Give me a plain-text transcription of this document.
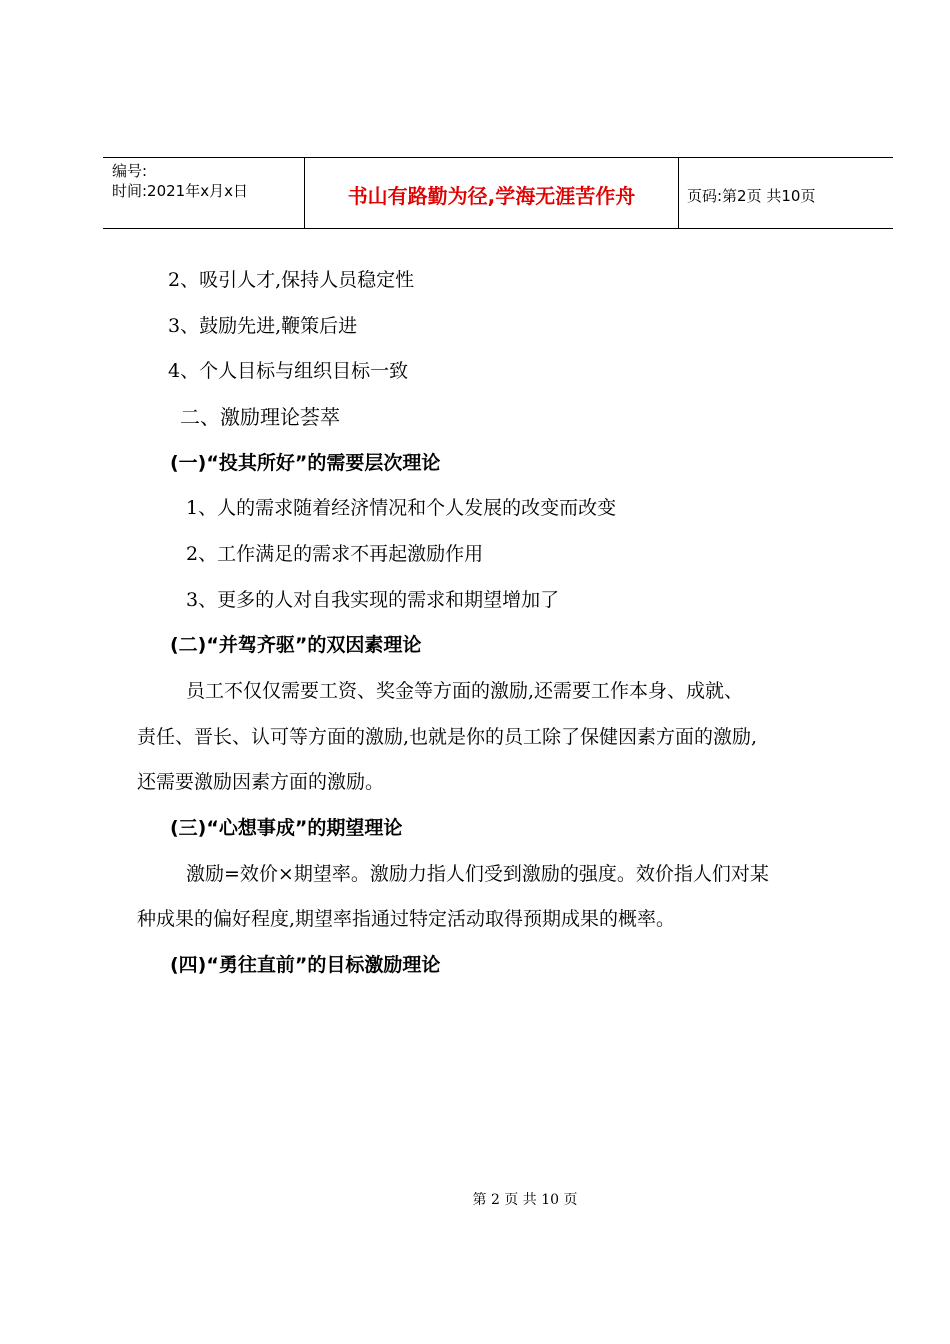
编号:
时间:2021年x月x日	书山有路勤为径,学海无涯苦作舟	页码:第2页 共10页
2、吸引人才,保持人员稳定性
3、鼓励先进,鞭策后进
4、个人目标与组织目标一致
二、激励理论荟萃
(一)“投其所好”的需要层次理论
1、人的需求随着经济情况和个人发展的改变而改变
2、工作满足的需求不再起激励作用
3、更多的人对自我实现的需求和期望增加了
(二)“并驾齐驱”的双因素理论
员工不仅仅需要工资、奖金等方面的激励,还需要工作本身、成就、
责任、晋长、认可等方面的激励,也就是你的员工除了保健因素方面的激励,
还需要激励因素方面的激励。
(三)“心想事成”的期望理论
激励=效价×期望率。激励力指人们受到激励的强度。效价指人们对某
种成果的偏好程度,期望率指通过特定活动取得预期成果的概率。
(四)“勇往直前”的目标激励理论
第 2 页 共 10 页
